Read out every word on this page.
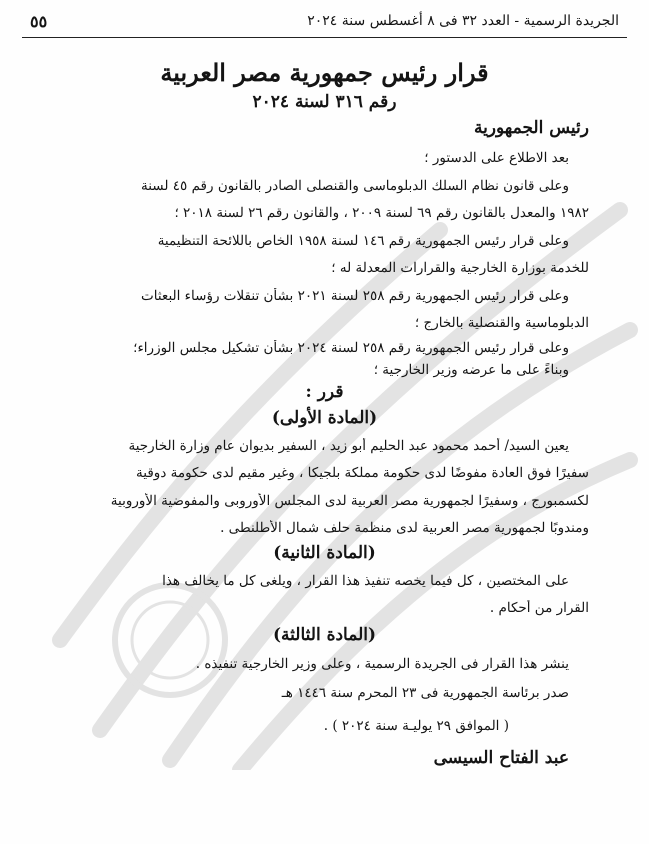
الجريدة الرسمية - العدد ٣٢ فى ٨ أغسطس سنة ٢٠٢٤
٥٥
قرار رئيس جمهورية مصر العربية
رقم ٣١٦ لسنة ٢٠٢٤
رئيس الجمهورية
بعد الاطلاع على الدستور ؛
وعلى قانون نظام السلك الدبلوماسى والقنصلى الصادر بالقانون رقم ٤٥ لسنة
١٩٨٢ والمعدل بالقانون رقم ٦٩ لسنة ٢٠٠٩ ، والقانون رقم ٢٦ لسنة ٢٠١٨ ؛
وعلى قرار رئيس الجمهورية رقم ١٤٦ لسنة ١٩٥٨ الخاص باللائحة التنظيمية
للخدمة بوزارة الخارجية والقرارات المعدلة له ؛
وعلى قرار رئيس الجمهورية رقم ٢٥٨ لسنة ٢٠٢١ بشأن تنقلات رؤساء البعثات
الدبلوماسية والقنصلية بالخارج ؛
وعلى قرار رئيس الجمهورية رقم ٢٥٨ لسنة ٢٠٢٤ بشأن تشكيل مجلس الوزراء؛
وبناءً على ما عرضه وزير الخارجية ؛
قرر :
(المادة الأولى)
يعين السيد/ أحمد محمود عبد الحليم أبو زيد ، السفير بديوان عام وزارة الخارجية
سفيرًا فوق العادة مفوضًا لدى حكومة مملكة بلجيكا ، وغير مقيم لدى حكومة دوقية
لكسمبورج ، وسفيرًا لجمهورية مصر العربية لدى المجلس الأوروبى والمفوضية الأوروبية
ومندوبًا لجمهورية مصر العربية لدى منظمة حلف شمال الأطلنطى .
(المادة الثانية)
على المختصين ، كل فيما يخصه تنفيذ هذا القرار ، ويلغى كل ما يخالف هذا
القرار من أحكام .
(المادة الثالثة)
ينشر هذا القرار فى الجريدة الرسمية ، وعلى وزير الخارجية تنفيذه .
صدر برئاسة الجمهورية فى ٢٣ المحرم سنة ١٤٤٦ هـ
( الموافق ٢٩ يوليـة سنة ٢٠٢٤ ) .
عبد الفتاح السيسى
